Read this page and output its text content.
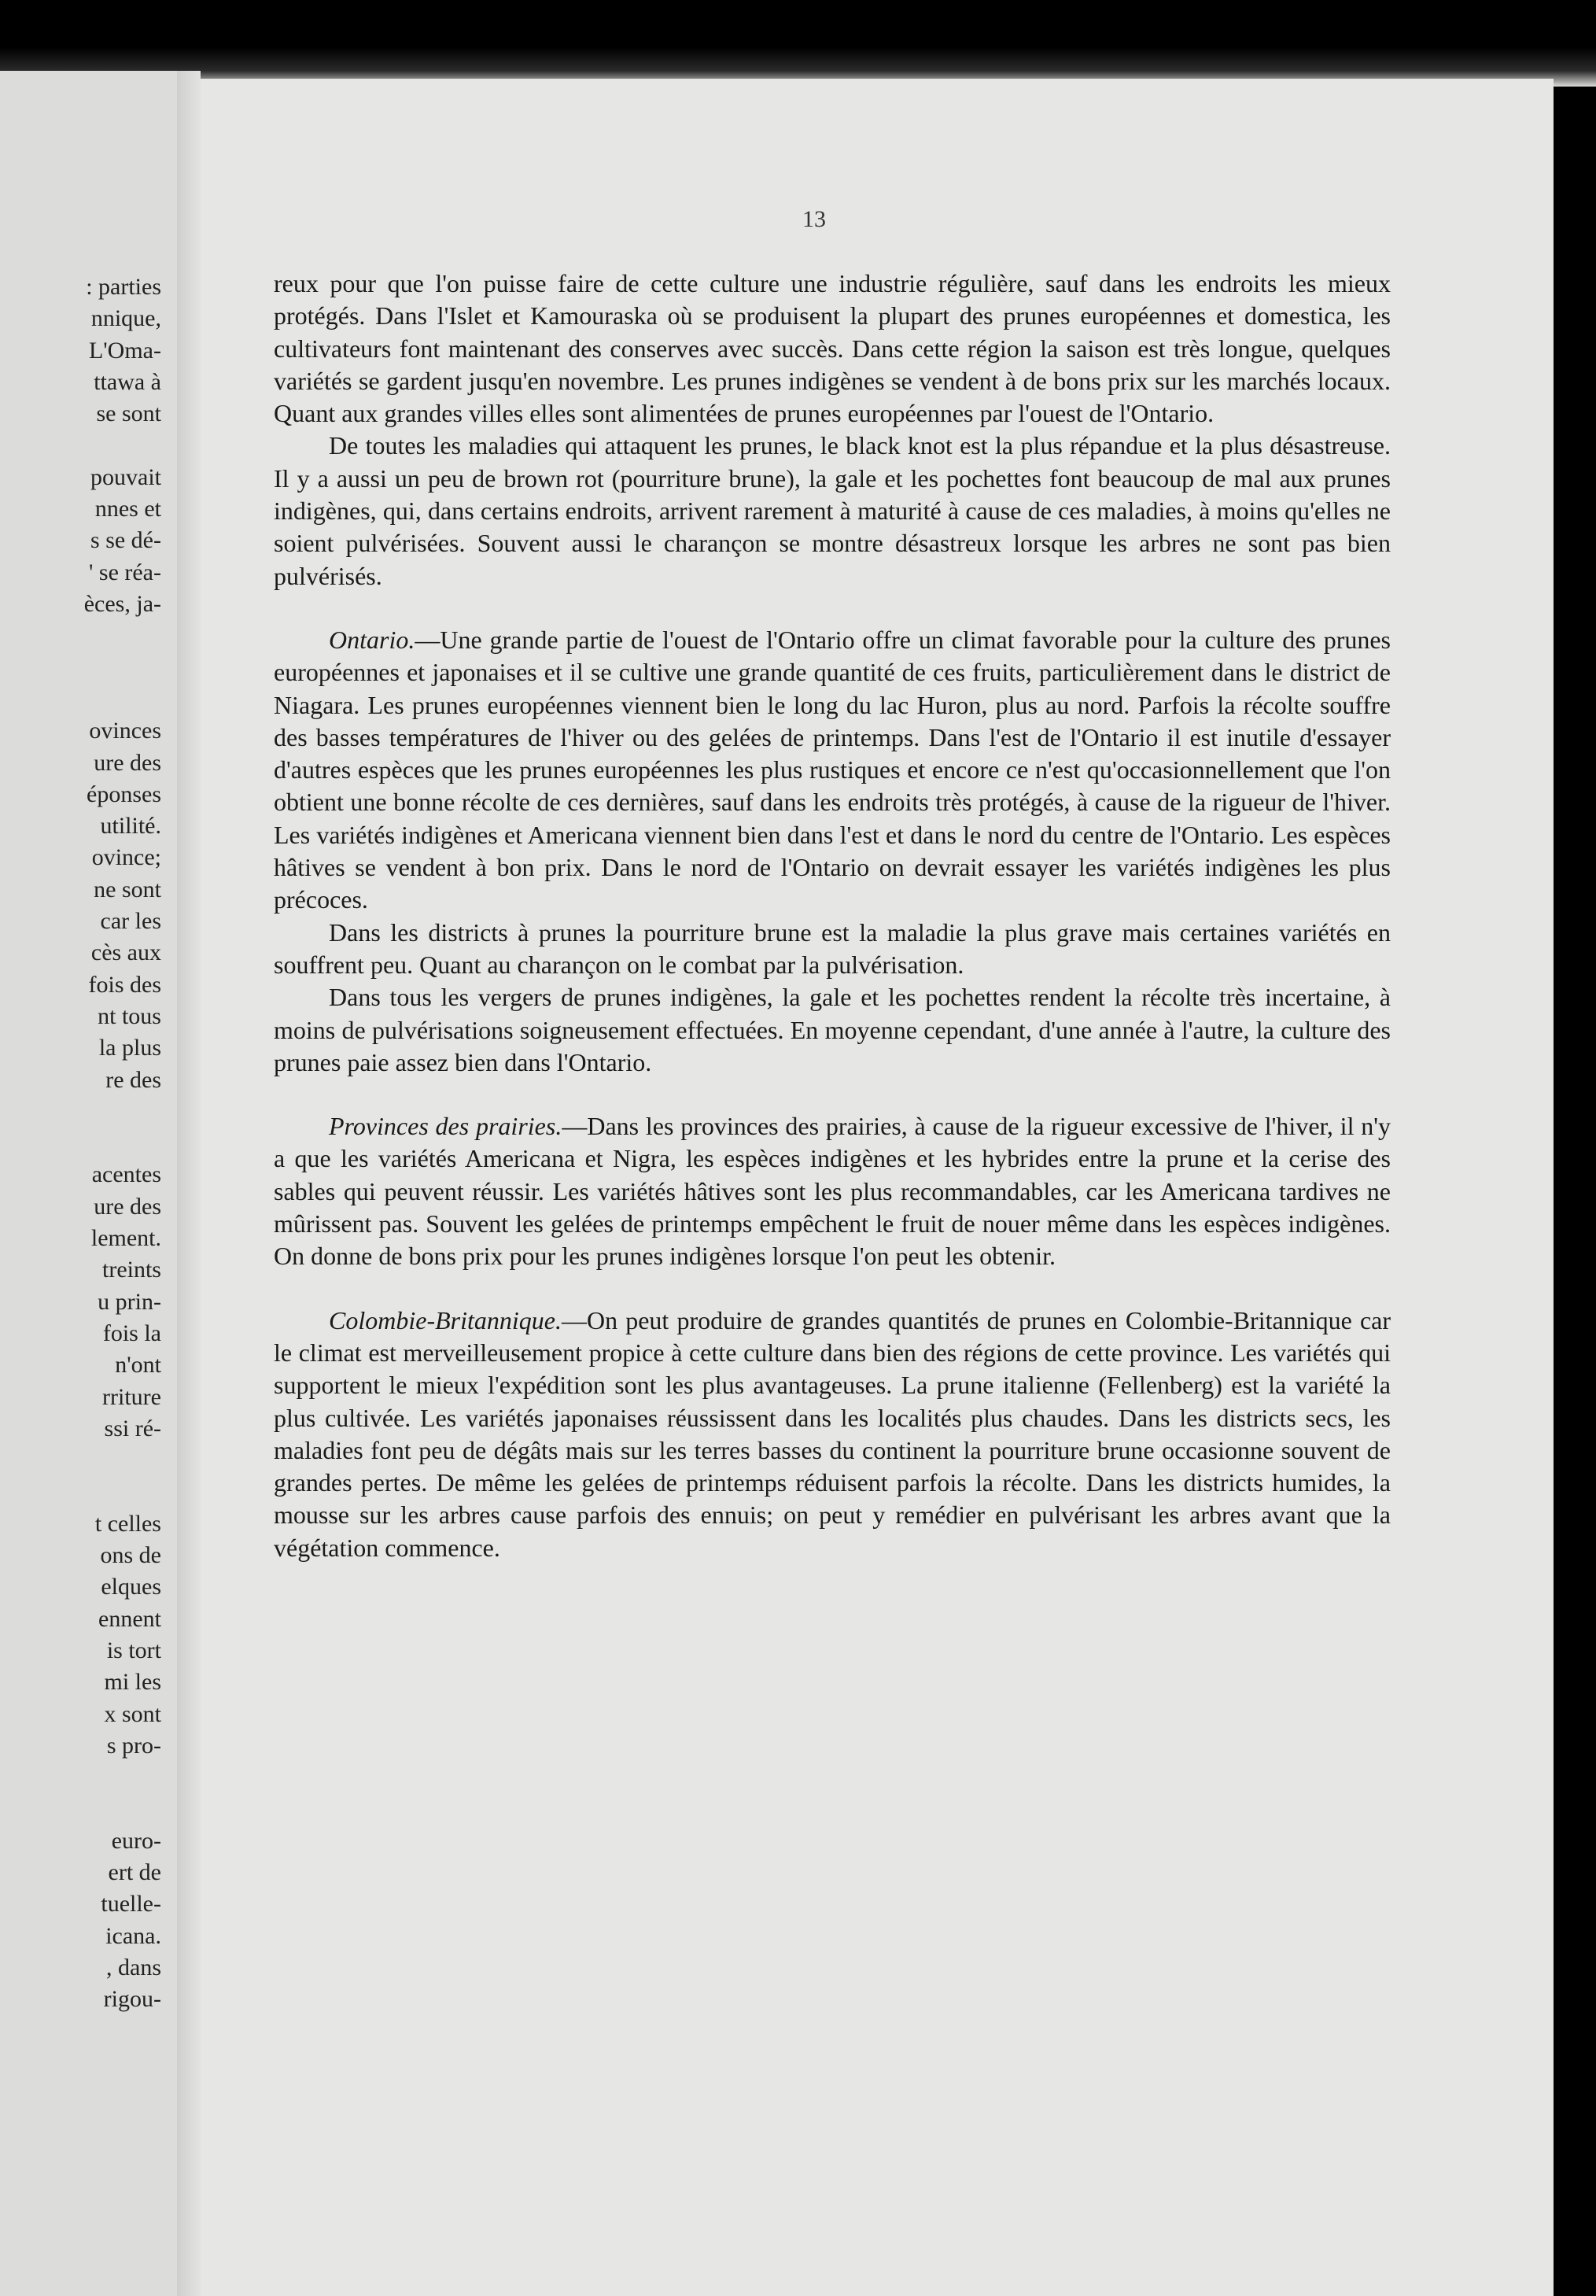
: parties
nnique,
L'Oma-
ttawa à
se sont
pouvait
nnes et
s se dé-
' se réa-
èces, ja-
ovinces
ure des
éponses
utilité.
ovince;
ne sont
car les
cès aux
fois des
nt tous
la plus
re des
acentes
ure des
lement.
treints
u prin-
fois la
n'ont
rriture
ssi ré-
t celles
ons de
elques
ennent
is tort
mi les
x sont
s pro-
euro-
ert de
tuelle-
icana.
, dans
rigou-
13

reux pour que l'on puisse faire de cette culture une industrie régulière, sauf dans les endroits les mieux protégés. Dans l'Islet et Kamouraska où se produisent la plupart des prunes européennes et domestica, les cultivateurs font maintenant des conserves avec succès. Dans cette région la saison est très longue, quelques variétés se gardent jusqu'en novembre. Les prunes indigènes se vendent à de bons prix sur les marchés locaux. Quant aux grandes villes elles sont alimentées de prunes européennes par l'ouest de l'Ontario.

De toutes les maladies qui attaquent les prunes, le black knot est la plus répandue et la plus désastreuse. Il y a aussi un peu de brown rot (pourriture brune), la gale et les pochettes font beaucoup de mal aux prunes indigènes, qui, dans certains endroits, arrivent rarement à maturité à cause de ces maladies, à moins qu'elles ne soient pulvérisées. Souvent aussi le charançon se montre désastreux lorsque les arbres ne sont pas bien pulvérisés.

Ontario.—Une grande partie de l'ouest de l'Ontario offre un climat favorable pour la culture des prunes européennes et japonaises et il se cultive une grande quantité de ces fruits, particulièrement dans le district de Niagara. Les prunes européennes viennent bien le long du lac Huron, plus au nord. Parfois la récolte souffre des basses températures de l'hiver ou des gelées de printemps. Dans l'est de l'Ontario il est inutile d'essayer d'autres espèces que les prunes européennes les plus rustiques et encore ce n'est qu'occasionnellement que l'on obtient une bonne récolte de ces dernières, sauf dans les endroits très protégés, à cause de la rigueur de l'hiver. Les variétés indigènes et Americana viennent bien dans l'est et dans le nord du centre de l'Ontario. Les espèces hâtives se vendent à bon prix. Dans le nord de l'Ontario on devrait essayer les variétés indigènes les plus précoces.

Dans les districts à prunes la pourriture brune est la maladie la plus grave mais certaines variétés en souffrent peu. Quant au charançon on le combat par la pulvérisation.

Dans tous les vergers de prunes indigènes, la gale et les pochettes rendent la récolte très incertaine, à moins de pulvérisations soigneusement effectuées. En moyenne cependant, d'une année à l'autre, la culture des prunes paie assez bien dans l'Ontario.

Provinces des prairies.—Dans les provinces des prairies, à cause de la rigueur excessive de l'hiver, il n'y a que les variétés Americana et Nigra, les espèces indigènes et les hybrides entre la prune et la cerise des sables qui peuvent réussir. Les variétés hâtives sont les plus recommandables, car les Americana tardives ne mûrissent pas. Souvent les gelées de printemps empêchent le fruit de nouer même dans les espèces indigènes. On donne de bons prix pour les prunes indigènes lorsque l'on peut les obtenir.

Colombie-Britannique.—On peut produire de grandes quantités de prunes en Colombie-Britannique car le climat est merveilleusement propice à cette culture dans bien des régions de cette province. Les variétés qui supportent le mieux l'expédition sont les plus avantageuses. La prune italienne (Fellenberg) est la variété la plus cultivée. Les variétés japonaises réussissent dans les localités plus chaudes. Dans les districts secs, les maladies font peu de dégâts mais sur les terres basses du continent la pourriture brune occasionne souvent de grandes pertes. De même les gelées de printemps réduisent parfois la récolte. Dans les districts humides, la mousse sur les arbres cause parfois des ennuis; on peut y remédier en pulvérisant les arbres avant que la végétation commence.
